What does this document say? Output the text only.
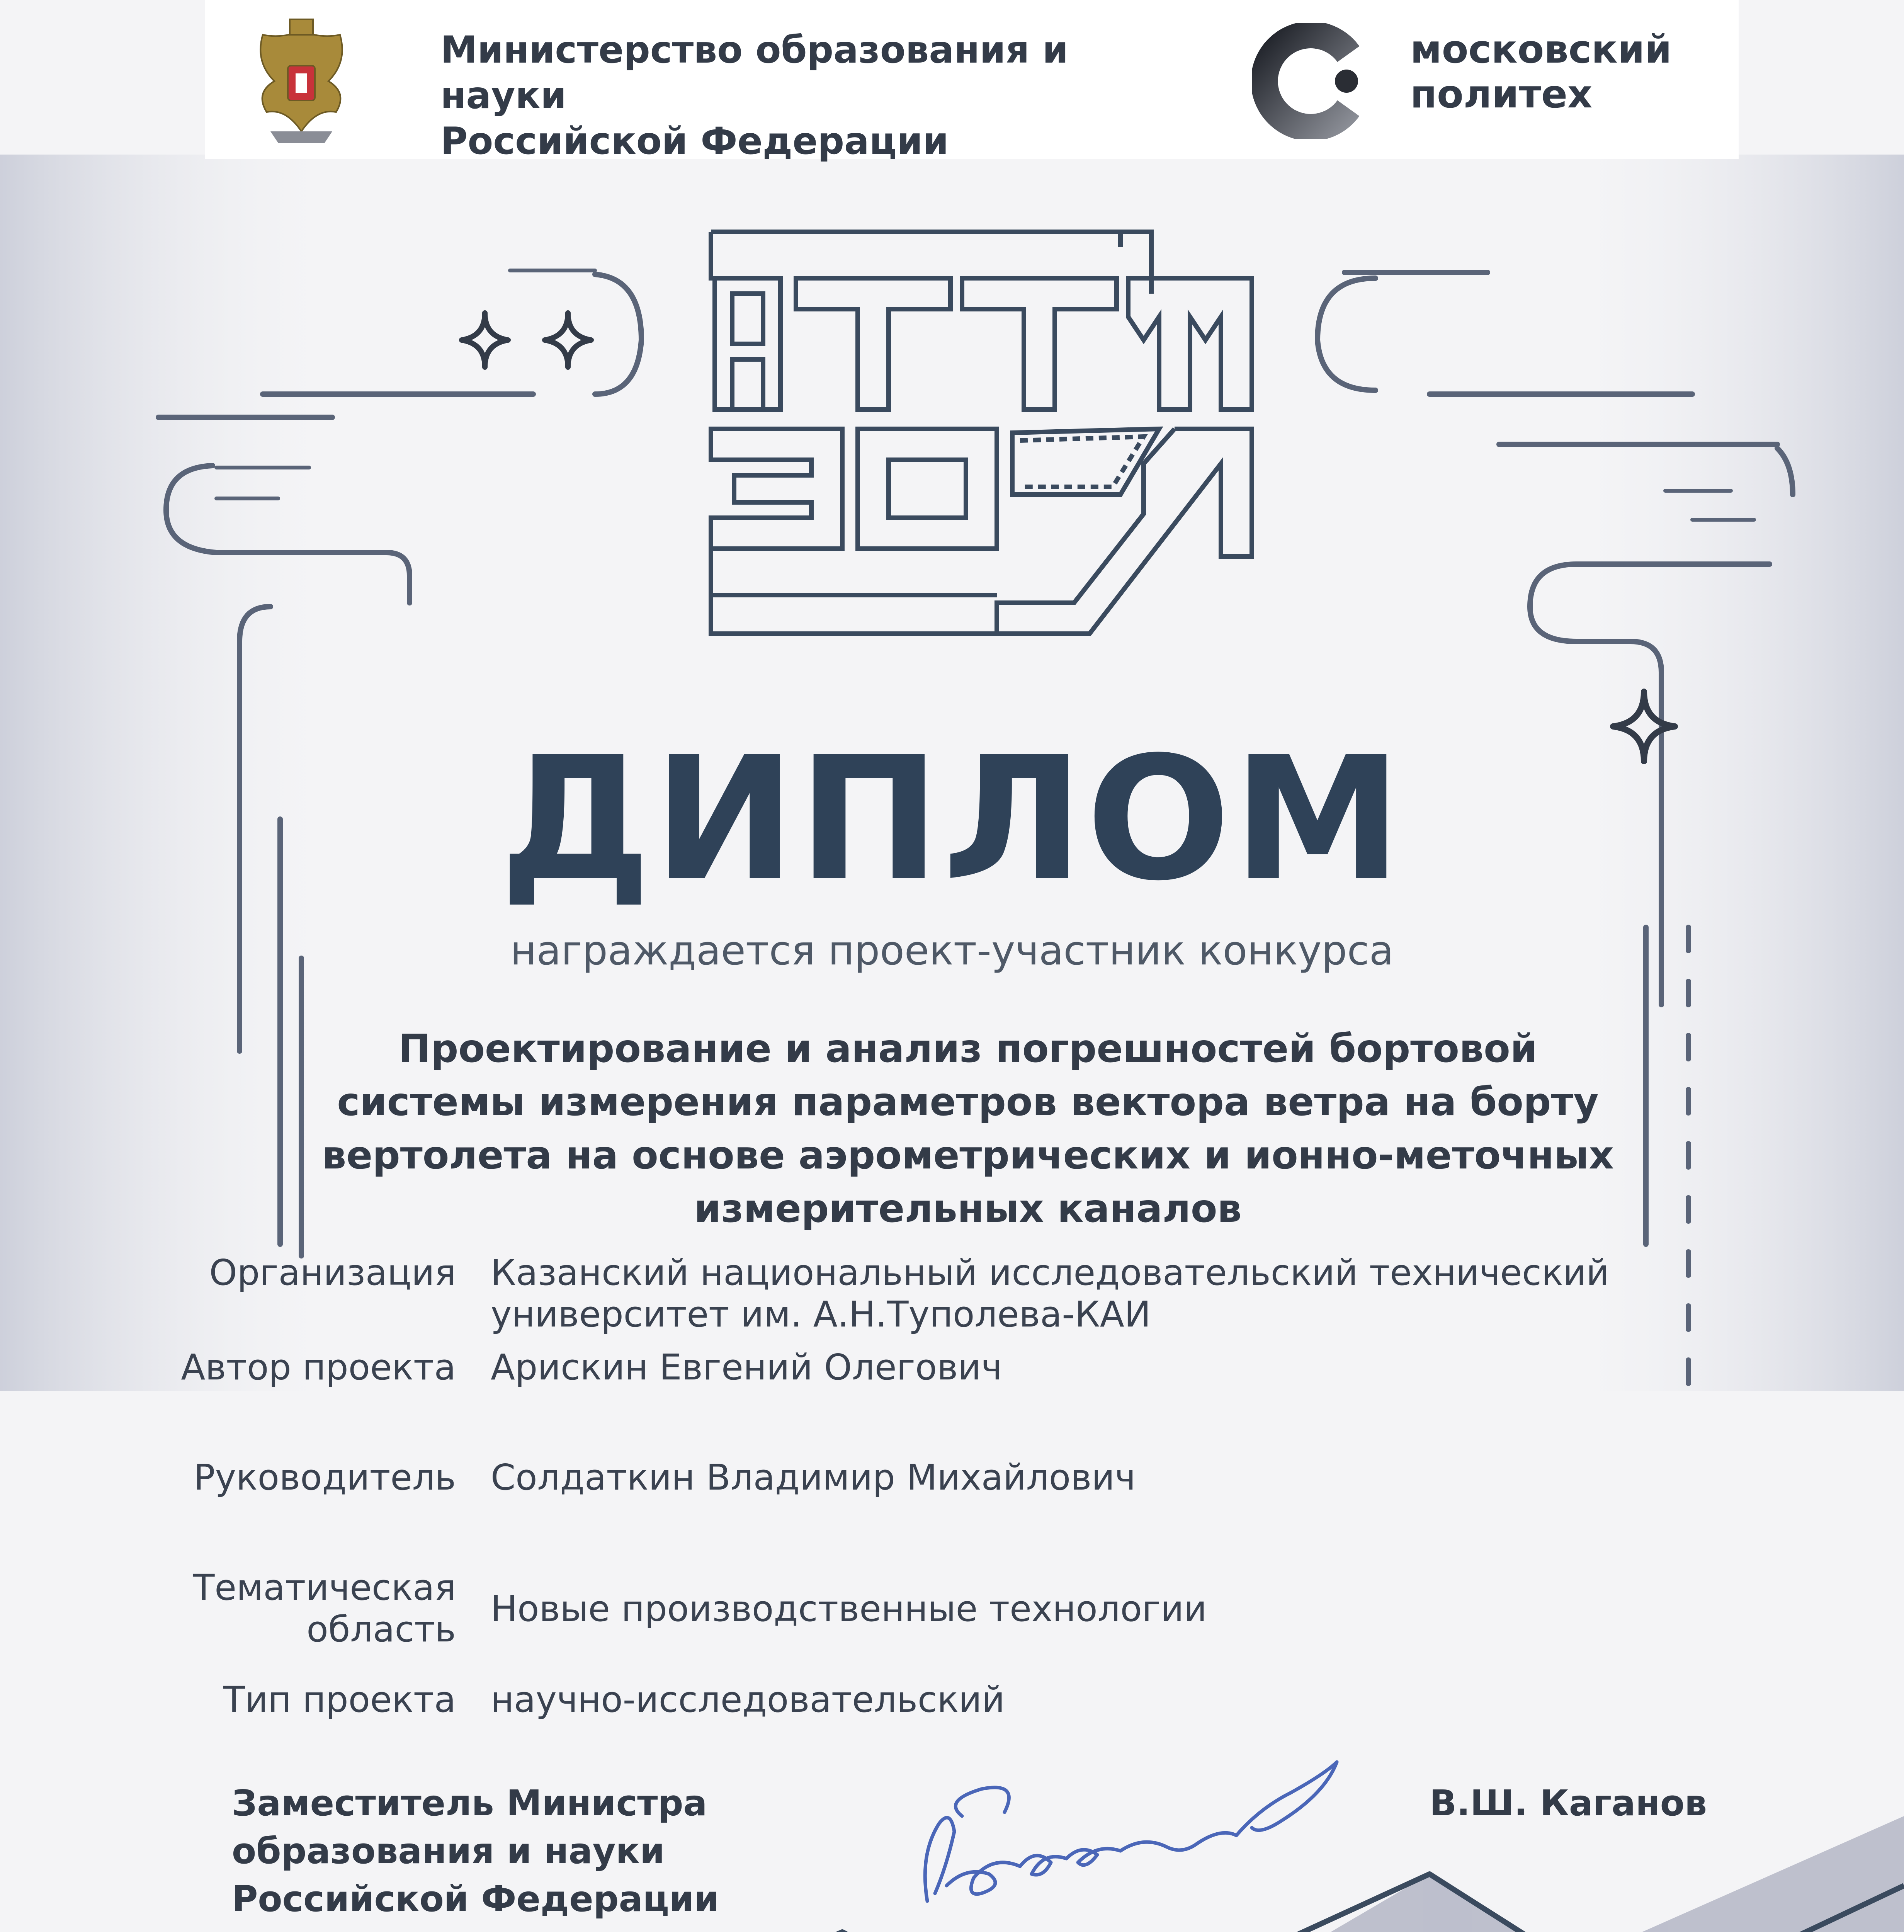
Министерство образования и науки
Российской Федерации
московский
политех
ДИПЛОМ
награждается проект-участник конкурса
Проектирование и анализ погрешностей бортовой
системы измерения параметров вектора ветра на борту
вертолета на основе аэрометрических и ионно-меточных
измерительных каналов
Организация Казанский национальный исследовательский технический
университет им. А.Н.Туполева-КАИ
Автор проекта Арискин Евгений Олегович
Руководитель Солдаткин Владимир Михайлович
Тематическая
область Новые производственные технологии
Тип проекта научно-исследовательский
Заместитель Министра
образования и науки
Российской Федерации
В.Ш. Каганов
